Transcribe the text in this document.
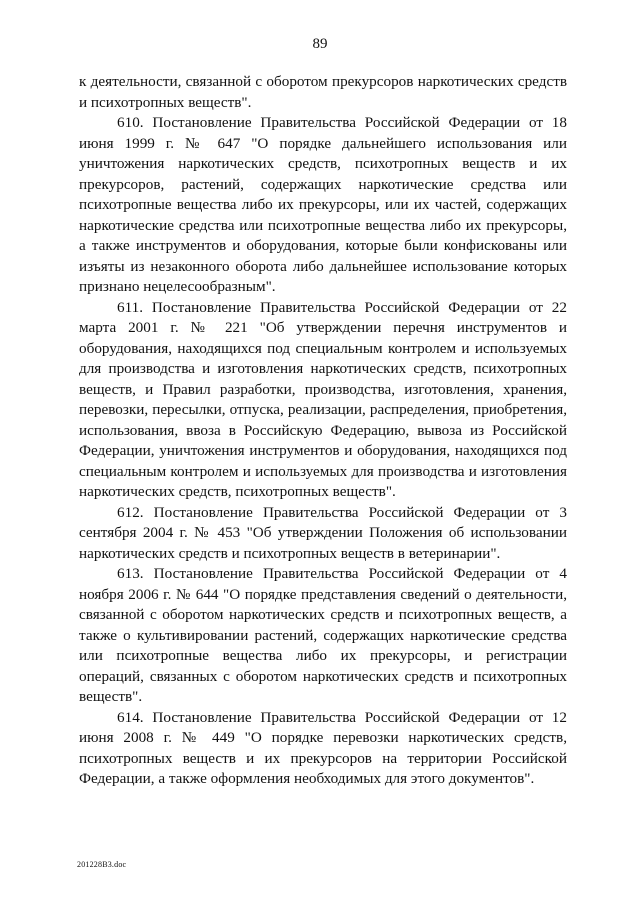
89

к деятельности, связанной с оборотом прекурсоров наркотических средств и психотропных веществ".

610. Постановление Правительства Российской Федерации от 18 июня 1999 г. № 647 "О порядке дальнейшего использования или уничтожения наркотических средств, психотропных веществ и их прекурсоров, растений, содержащих наркотические средства или психотропные вещества либо их прекурсоры, или их частей, содержащих наркотические средства или психотропные вещества либо их прекурсоры, а также инструментов и оборудования, которые были конфискованы или изъяты из незаконного оборота либо дальнейшее использование которых признано нецелесообразным".

611. Постановление Правительства Российской Федерации от 22 марта 2001 г. № 221 "Об утверждении перечня инструментов и оборудования, находящихся под специальным контролем и используемых для производства и изготовления наркотических средств, психотропных веществ, и Правил разработки, производства, изготовления, хранения, перевозки, пересылки, отпуска, реализации, распределения, приобретения, использования, ввоза в Российскую Федерацию, вывоза из Российской Федерации, уничтожения инструментов и оборудования, находящихся под специальным контролем и используемых для производства и изготовления наркотических средств, психотропных веществ".

612. Постановление Правительства Российской Федерации от 3 сентября 2004 г. № 453 "Об утверждении Положения об использовании наркотических средств и психотропных веществ в ветеринарии".

613. Постановление Правительства Российской Федерации от 4 ноября 2006 г. № 644 "О порядке представления сведений о деятельности, связанной с оборотом наркотических средств и психотропных веществ, а также о культивировании растений, содержащих наркотические средства или психотропные вещества либо их прекурсоры, и регистрации операций, связанных с оборотом наркотических средств и психотропных веществ".

614. Постановление Правительства Российской Федерации от 12 июня 2008 г. № 449 "О порядке перевозки наркотических средств, психотропных веществ и их прекурсоров на территории Российской Федерации, а также оформления необходимых для этого документов".

201228В3.doc
